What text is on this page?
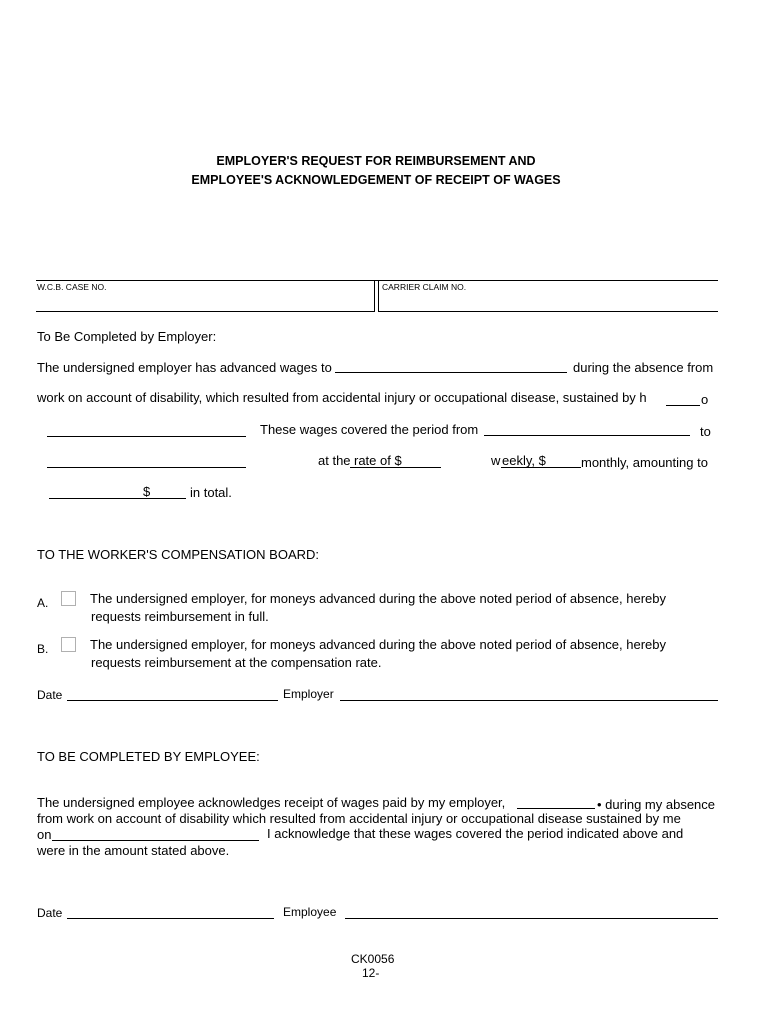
EMPLOYER'S REQUEST FOR REIMBURSEMENT AND
EMPLOYEE'S ACKNOWLEDGEMENT OF RECEIPT OF WAGES
W.C.B. CASE NO.	CARRIER CLAIM NO.
To Be Completed by Employer:
The undersigned employer has advanced wages to	during the absence from
work on account of disability, which resulted from accidental injury or occupational disease, sustained by h	o
These wages covered the period from	to
at the rate of $	w eekly, $	monthly, amounting to
$	in total.
TO THE WORKER'S COMPENSATION BOARD:
A.	The undersigned employer, for moneys advanced during the above noted period of absence, hereby
requests reimbursement in full.
B.	The undersigned employer, for moneys advanced during the above noted period of absence, hereby
requests reimbursement at the compensation rate.
Date	Employer
TO BE COMPLETED BY EMPLOYEE:
The undersigned employee acknowledges receipt of wages paid by my employer,	• during my absence
from work on account of disability which resulted from accidental injury or occupational disease sustained by me
on	I acknowledge that these wages covered the period indicated above and
were in the amount stated above.
Date	Employee
CK0056
12-
